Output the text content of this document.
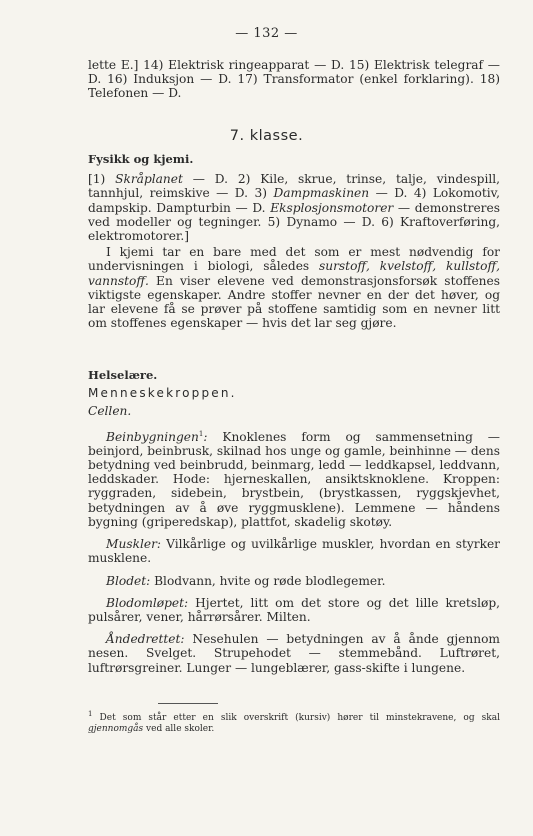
— 132 —

lette E.] 14) Elektrisk ringeapparat — D. 15) Elektrisk telegraf — D. 16) Induksjon — D. 17) Transformator (enkel forklaring). 18) Telefonen — D.

7. klasse.

Fysikk og kjemi.

[1) Skråplanet — D. 2) Kile, skrue, trinse, talje, vindespill, tannhjul, reimskive — D. 3) Dampmaskinen — D. 4) Lokomotiv, dampskip. Dampturbin — D. Eksplosjonsmotorer — demonstreres ved modeller og tegninger. 5) Dynamo — D. 6) Kraftoverføring, elektromotorer.]

I kjemi tar en bare med det som er mest nødvendig for undervisningen i biologi, således surstoff, kvelstoff, kullstoff, vannstoff. En viser elevene ved demonstrasjonsforsøk stoffenes viktigste egenskaper. Andre stoffer nevner en der det høver, og lar elevene få se prøver på stoffene samtidig som en nevner litt om stoffenes egenskaper — hvis det lar seg gjøre.

Helselære.

Menneskekroppen.

Cellen.

Beinbygningen$^1$: Knoklenes form og sammensetning — beinjord, beinbrusk, skilnad hos unge og gamle, beinhinne — dens betydning ved beinbrudd, beinmarg, ledd — leddkapsel, leddvann, leddskader. Hode: hjerneskallen, ansiktsknoklene. Kroppen: ryggraden, sidebein, brystbein, (brystkassen, ryggskjevhet, betydningen av å øve ryggmusklene). Lemmene — håndens bygning (griperedskap), plattfot, skadelig skotøy.

Muskler: Vilkårlige og uvilkårlige muskler, hvordan en styrker musklene.

Blodet: Blodvann, hvite og røde blodlegemer.

Blodomløpet: Hjertet, litt om det store og det lille kretsløp, pulsårer, vener, hårrørsårer. Milten.

Åndedrettet: Nesehulen — betydningen av å ånde gjennom nesen. Svelget. Strupehodet — stemmebånd. Luftrøret, luftrørsgreiner. Lunger — lungeblærer, gass-skifte i lungene.

$^1$ Det som står etter en slik overskrift (kursiv) hører til minstekravene, og skal gjennomgås ved alle skoler.
